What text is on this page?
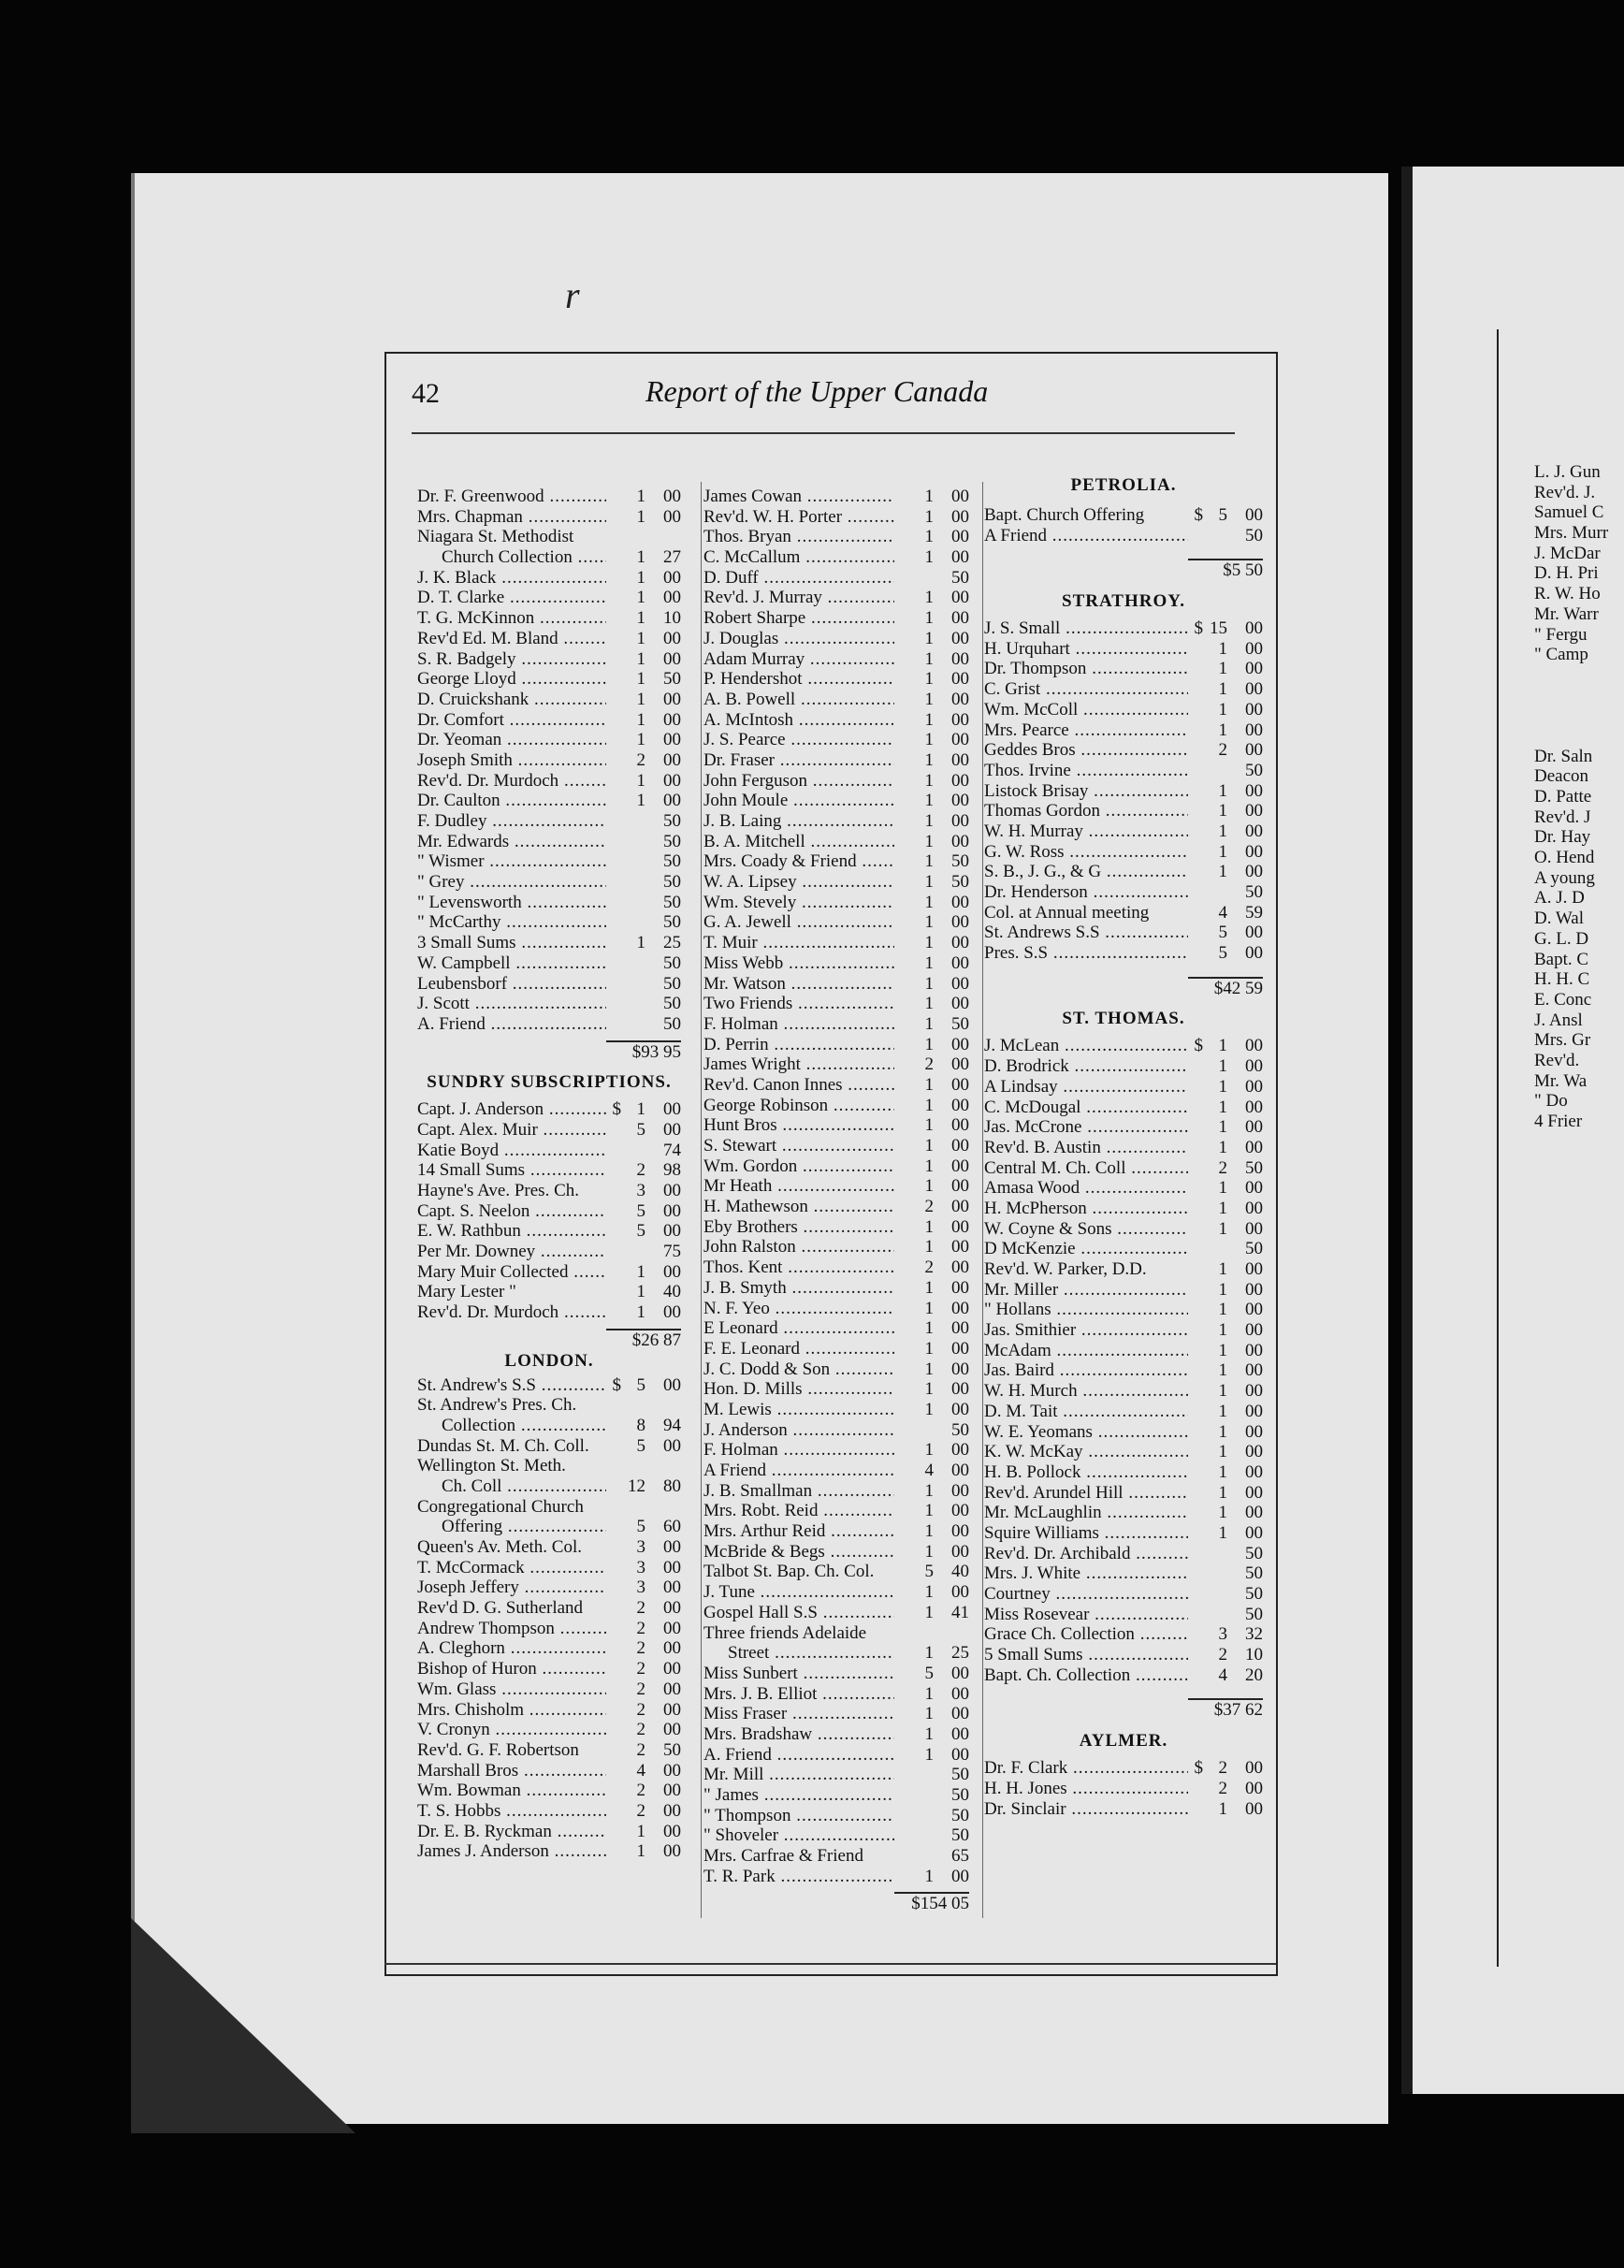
r
42	Report of the Upper Canada
Dr. F. Greenwood .....	1	00
Mrs. Chapman .....	1	00
Niagara St. Methodist
Church Collection .....	1	27
J. K. Black .....	1	00
D. T. Clarke .....	1	00
T. G. McKinnon .....	1	10
Rev'd Ed. M. Bland .....	1	00
S. R. Badgely .....	1	00
George Lloyd .....	1	50
D. Cruickshank .....	1	00
Dr. Comfort .....	1	00
Dr. Yeoman .....	1	00
Joseph Smith .....	2	00
Rev'd. Dr. Murdoch .....	1	00
Dr. Caulton .....	1	00
F. Dudley .....	50
Mr. Edwards .....	50
" Wismer .....	50
" Grey .....	50
" Levensworth .....	50
" McCarthy .....	50
3 Small Sums .....	1	25
W. Campbell .....	50
Leubensborf .....	50
J. Scott .....	50
A. Friend .....	50
$93 95
SUNDRY SUBSCRIPTIONS.
Capt. J. Anderson .....	$ 1	00
Capt. Alex. Muir .....	5	00
Katie Boyd .....	74
14 Small Sums .....	2	98
Hayne's Ave. Pres. Ch.	3	00
Capt. S. Neelon .....	5	00
E. W. Rathbun .....	5	00
Per Mr. Downey .....	75
Mary Muir Collected .....	1	00
Mary Lester "	1	40
Rev'd. Dr. Murdoch .....	1	00
$26 87
LONDON.
St. Andrew's S.S .....	$ 5	00
St. Andrew's Pres. Ch.
Collection .....	8	94
Dundas St. M. Ch. Coll.	5	00
Wellington St. Meth.
Ch. Coll .....	12	80
Congregational Church
Offering .....	5	60
Queen's Av. Meth. Col.	3	00
T. McCormack .....	3	00
Joseph Jeffery .....	3	00
Rev'd D. G. Sutherland	2	00
Andrew Thompson .....	2	00
A. Cleghorn .....	2	00
Bishop of Huron .....	2	00
Wm. Glass .....	2	00
Mrs. Chisholm .....	2	00
V. Cronyn .....	2	00
Rev'd. G. F. Robertson	2	50
Marshall Bros .....	4	00
Wm. Bowman .....	2	00
T. S. Hobbs .....	2	00
Dr. E. B. Ryckman .....	1	00
James J. Anderson .....	1	00
James Cowan .....	1	00
Rev'd. W. H. Porter .....	1	00
Thos. Bryan .....	1	00
C. McCallum .....	1	00
D. Duff .....	50
Rev'd. J. Murray .....	1	00
Robert Sharpe .....	1	00
J. Douglas .....	1	00
Adam Murray .....	1	00
P. Hendershot .....	1	00
A. B. Powell .....	1	00
A. McIntosh .....	1	00
J. S. Pearce .....	1	00
Dr. Fraser .....	1	00
John Ferguson .....	1	00
John Moule .....	1	00
J. B. Laing .....	1	00
B. A. Mitchell .....	1	00
Mrs. Coady & Friend .....	1	50
W. A. Lipsey .....	1	50
Wm. Stevely .....	1	00
G. A. Jewell .....	1	00
T. Muir .....	1	00
Miss Webb .....	1	00
Mr. Watson .....	1	00
Two Friends .....	1	00
F. Holman .....	1	50
D. Perrin .....	1	00
James Wright .....	2	00
Rev'd. Canon Innes .....	1	00
George Robinson .....	1	00
Hunt Bros .....	1	00
S. Stewart .....	1	00
Wm. Gordon .....	1	00
Mr Heath .....	1	00
H. Mathewson .....	2	00
Eby Brothers .....	1	00
John Ralston .....	1	00
Thos. Kent .....	2	00
J. B. Smyth .....	1	00
N. F. Yeo .....	1	00
E Leonard .....	1	00
F. E. Leonard .....	1	00
J. C. Dodd & Son .....	1	00
Hon. D. Mills .....	1	00
M. Lewis .....	1	00
J. Anderson .....	50
F. Holman .....	1	00
A Friend .....	4	00
J. B. Smallman .....	1	00
Mrs. Robt. Reid .....	1	00
Mrs. Arthur Reid .....	1	00
McBride & Begs .....	1	00
Talbot St. Bap. Ch. Col.	5	40
J. Tune .....	1	00
Gospel Hall S.S .....	1	41
Three friends Adelaide
Street .....	1	25
Miss Sunbert .....	5	00
Mrs. J. B. Elliot .....	1	00
Miss Fraser .....	1	00
Mrs. Bradshaw .....	1	00
A. Friend .....	1	00
Mr. Mill .....	50
" James .....	50
" Thompson .....	50
" Shoveler .....	50
Mrs. Carfrae & Friend	65
T. R. Park .....	1	00
$154 05
PETROLIA.
Bapt. Church Offering	$ 5	00
A Friend .....	50
$5 50
STRATHROY.
J. S. Small .....	$ 15	00
H. Urquhart .....	1	00
Dr. Thompson .....	1	00
C. Grist .....	1	00
Wm. McColl .....	1	00
Mrs. Pearce .....	1	00
Geddes Bros .....	2	00
Thos. Irvine .....	50
Listock Brisay .....	1	00
Thomas Gordon .....	1	00
W. H. Murray .....	1	00
G. W. Ross .....	1	00
S. B., J. G., & G .....	1	00
Dr. Henderson .....	50
Col. at Annual meeting	4	59
St. Andrews S.S .....	5	00
Pres. S.S .....	5	00
$42 59
ST. THOMAS.
J. McLean .....	$ 1	00
D. Brodrick .....	1	00
A Lindsay .....	1	00
C. McDougal .....	1	00
Jas. McCrone .....	1	00
Rev'd. B. Austin .....	1	00
Central M. Ch. Coll .....	2	50
Amasa Wood .....	1	00
H. McPherson .....	1	00
W. Coyne & Sons .....	1	00
D McKenzie .....	50
Rev'd. W. Parker, D.D.	1	00
Mr. Miller .....	1	00
" Hollans .....	1	00
Jas. Smithier .....	1	00
McAdam .....	1	00
Jas. Baird .....	1	00
W. H. Murch .....	1	00
D. M. Tait .....	1	00
W. E. Yeomans .....	1	00
K. W. McKay .....	1	00
H. B. Pollock .....	1	00
Rev'd. Arundel Hill .....	1	00
Mr. McLaughlin .....	1	00
Squire Williams .....	1	00
Rev'd. Dr. Archibald .....	50
Mrs. J. White .....	50
Courtney .....	50
Miss Rosevear .....	50
Grace Ch. Collection .....	3	32
5 Small Sums .....	2	10
Bapt. Ch. Collection .....	4	20
$37 62
AYLMER.
Dr. F. Clark .....	$ 2	00
H. H. Jones .....	2	00
Dr. Sinclair .....	1	00
L. J. Gun
Rev'd. J.
Samuel C
Mrs. Murr
J. McDar
D. H. Pri
R. W. Ho
Mr. Warr
" Fergu
" Camp
Dr. Saln
Deacon
D. Patte
Rev'd. J
Dr. Hay
O. Hend
A young
A. J. D
D. Wal
G. L. D
Bapt. C
H. H. C
E. Conc
J. Ansl
Mrs. Gr
Rev'd.
Mr. Wa
" Do
4 Frier
